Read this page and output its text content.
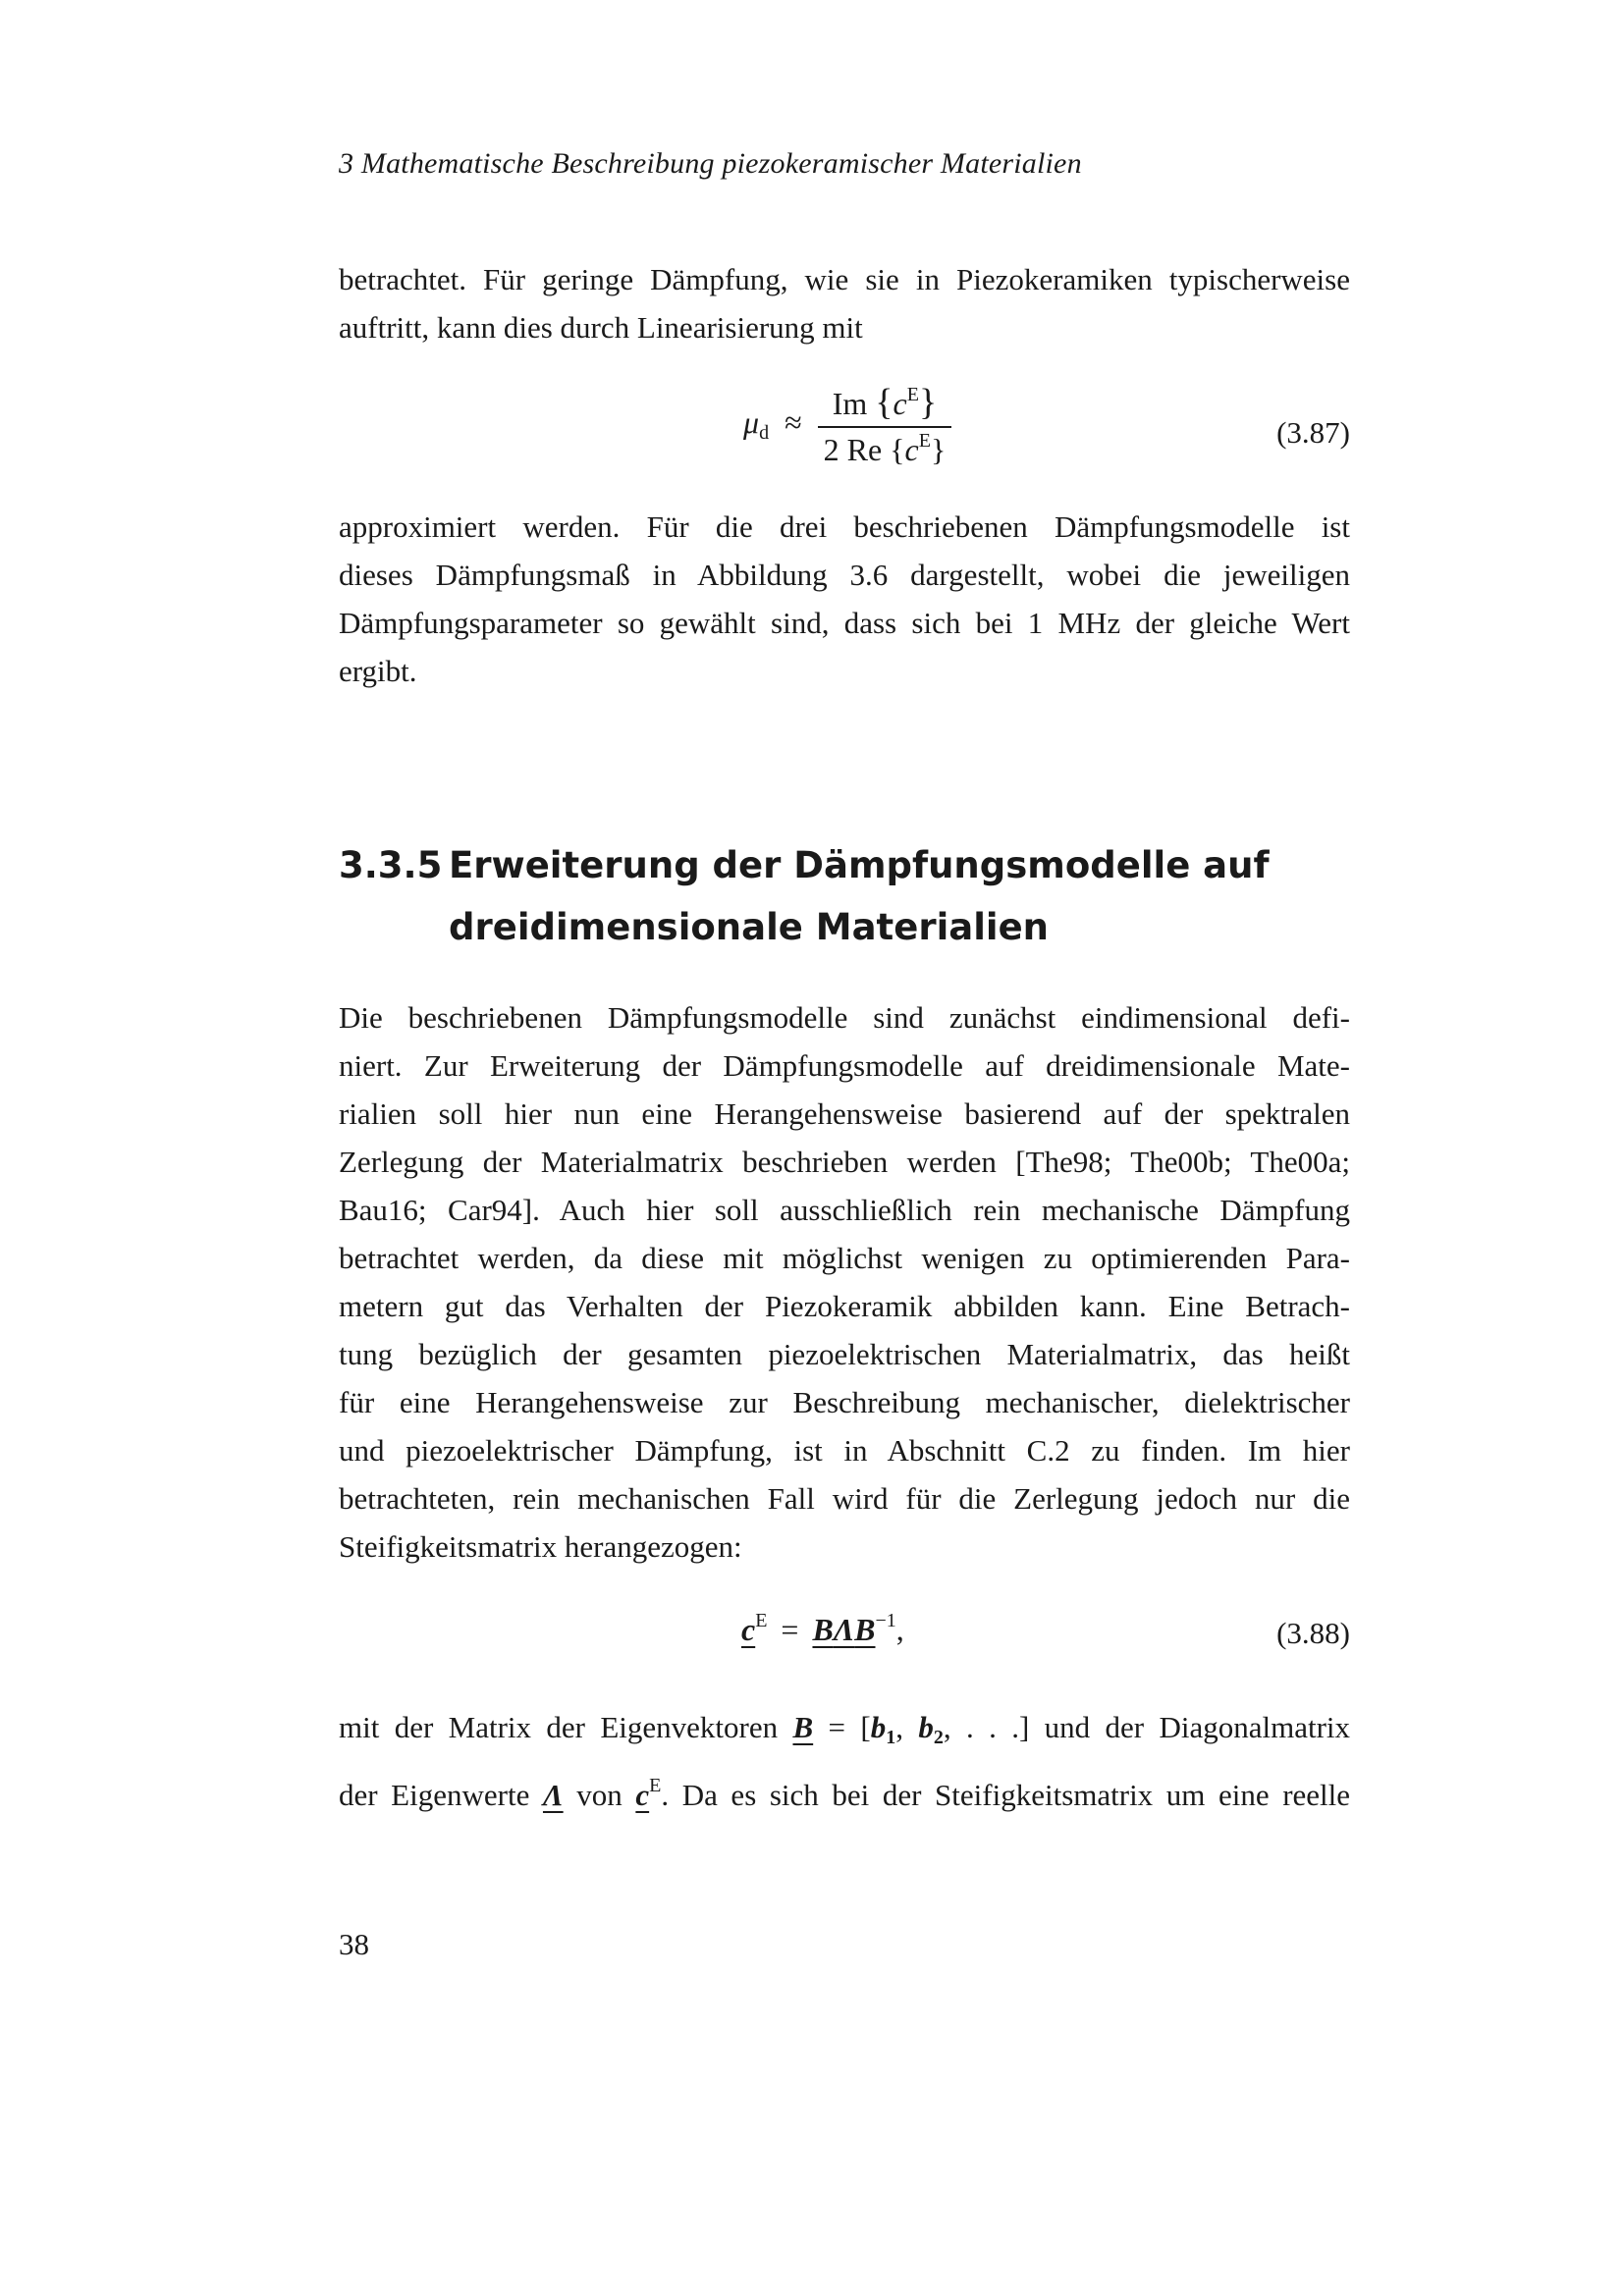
3 Mathematische Beschreibung piezokeramischer Materialien
betrachtet. Für geringe Dämpfung, wie sie in Piezokeramiken typischerweise
auftritt, kann dies durch Linearisierung mit
$\mu_d \approx \frac{Im \{c^E\}}{2 Re \{c^E\}}$	(3.87)
approximiert werden. Für die drei beschriebenen Dämpfungsmodelle ist
dieses Dämpfungsmaß in Abbildung 3.6 dargestellt, wobei die jeweiligen
Dämpfungsparameter so gewählt sind, dass sich bei 1 MHz der gleiche Wert
ergibt.
3.3.5 Erweiterung der Dämpfungsmodelle auf dreidimensionale Materialien
Die beschriebenen Dämpfungsmodelle sind zunächst eindimensional defi-
niert. Zur Erweiterung der Dämpfungsmodelle auf dreidimensionale Mate-
rialien soll hier nun eine Herangehensweise basierend auf der spektralen
Zerlegung der Materialmatrix beschrieben werden [The98; The00b; The00a;
Bau16; Car94]. Auch hier soll ausschließlich rein mechanische Dämpfung
betrachtet werden, da diese mit möglichst wenigen zu optimierenden Para-
metern gut das Verhalten der Piezokeramik abbilden kann. Eine Betrach-
tung bezüglich der gesamten piezoelektrischen Materialmatrix, das heißt
für eine Herangehensweise zur Beschreibung mechanischer, dielektrischer
und piezoelektrischer Dämpfung, ist in Abschnitt C.2 zu finden. Im hier
betrachteten, rein mechanischen Fall wird für die Zerlegung jedoch nur die
Steifigkeitsmatrix herangezogen:
$c^E = B\Lambda B^{-1}$,	(3.88)
mit der Matrix der Eigenvektoren $B = [b_1$, $b_2$, . . .] und der Diagonalmatrix
der Eigenwerte Λ von $c^E$. Da es sich bei der Steifigkeitsmatrix um eine reelle
38
